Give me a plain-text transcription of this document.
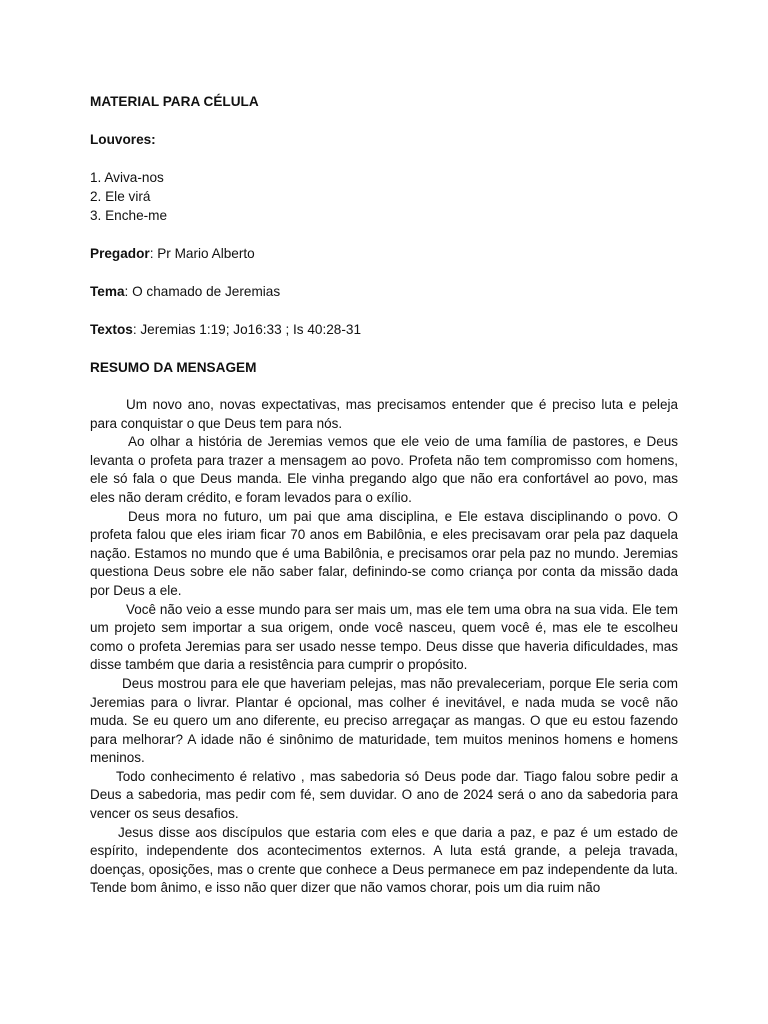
MATERIAL PARA CÉLULA
Louvores:
1. Aviva-nos
2. Ele virá
3. Enche-me
Pregador: Pr Mario Alberto
Tema: O chamado de Jeremias
Textos: Jeremias 1:19; Jo16:33 ; Is 40:28-31
RESUMO DA MENSAGEM
Um novo ano, novas expectativas, mas precisamos entender que é preciso luta e peleja para conquistar o que Deus tem para nós.
Ao olhar a história de Jeremias vemos que ele veio de uma família de pastores, e Deus levanta o profeta para trazer a mensagem ao povo. Profeta não tem compromisso com homens, ele só fala o que Deus manda. Ele vinha pregando algo que não era confortável ao povo, mas eles não deram crédito, e foram levados para o exílio.
Deus mora no futuro, um pai que ama disciplina, e Ele estava disciplinando o povo. O profeta falou que eles iriam ficar 70 anos em Babilônia, e eles precisavam orar pela paz daquela nação. Estamos no mundo que é uma Babilônia, e precisamos orar pela paz no mundo. Jeremias questiona Deus sobre ele não saber falar, definindo-se como criança por conta da missão dada por Deus a ele.
Você não veio a esse mundo para ser mais um, mas ele tem uma obra na sua vida. Ele tem um projeto sem importar a sua origem, onde você nasceu, quem você é, mas ele te escolheu como o profeta Jeremias para ser usado nesse tempo. Deus disse que haveria dificuldades, mas disse também que daria a resistência para cumprir o propósito.
Deus mostrou para ele que haveriam pelejas, mas não prevaleceriam, porque Ele seria com Jeremias para o livrar. Plantar é opcional, mas colher é inevitável, e nada muda se você não muda. Se eu quero um ano diferente, eu preciso arregaçar as mangas. O que eu estou fazendo para melhorar? A idade não é sinônimo de maturidade, tem muitos meninos homens e homens meninos.
Todo conhecimento é relativo , mas sabedoria só Deus pode dar. Tiago falou sobre pedir a Deus a sabedoria, mas pedir com fé, sem duvidar. O ano de 2024 será o ano da sabedoria para vencer os seus desafios.
Jesus disse aos discípulos que estaria com eles e que daria a paz, e paz é um estado de espírito, independente dos acontecimentos externos. A luta está grande, a peleja travada, doenças, oposições, mas o crente que conhece a Deus permanece em paz independente da luta. Tende bom ânimo, e isso não quer dizer que não vamos chorar, pois um dia ruim não
